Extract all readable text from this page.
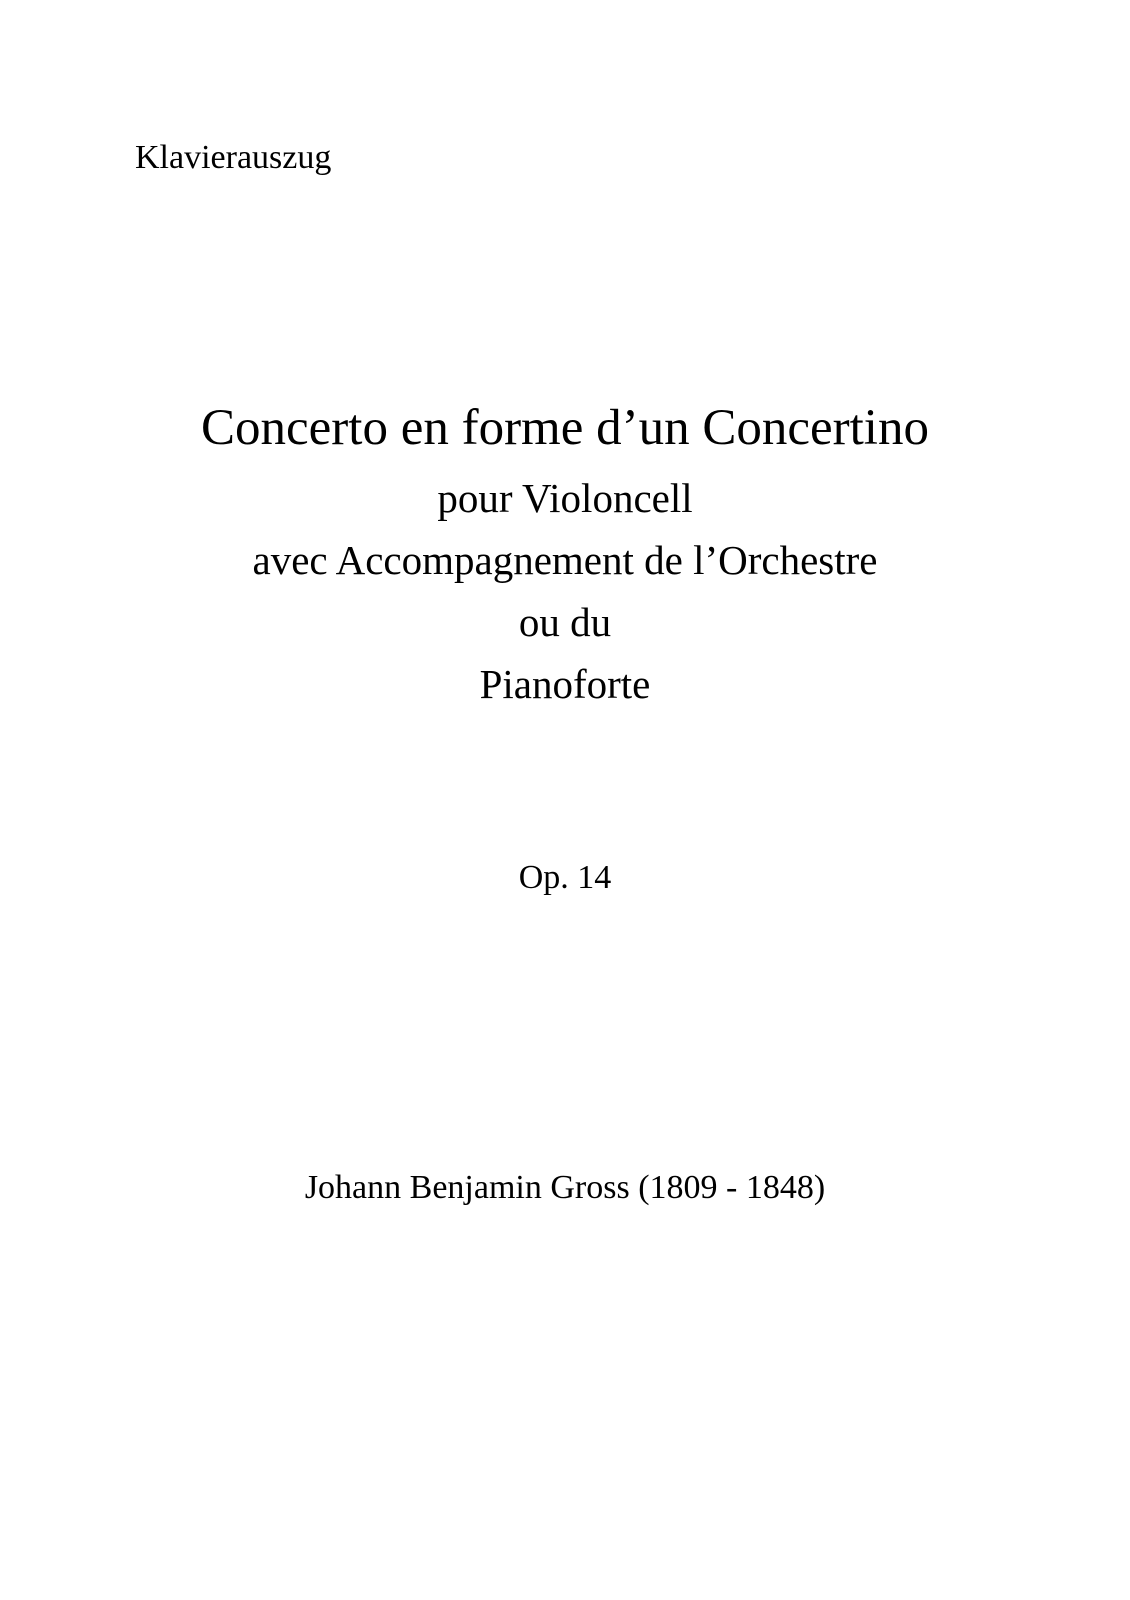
Klavierauszug
Concerto en forme d’un Concertino
pour Violoncell
avec Accompagnement de l’Orchestre
ou du
Pianoforte
Op. 14
Johann Benjamin Gross (1809 - 1848)
